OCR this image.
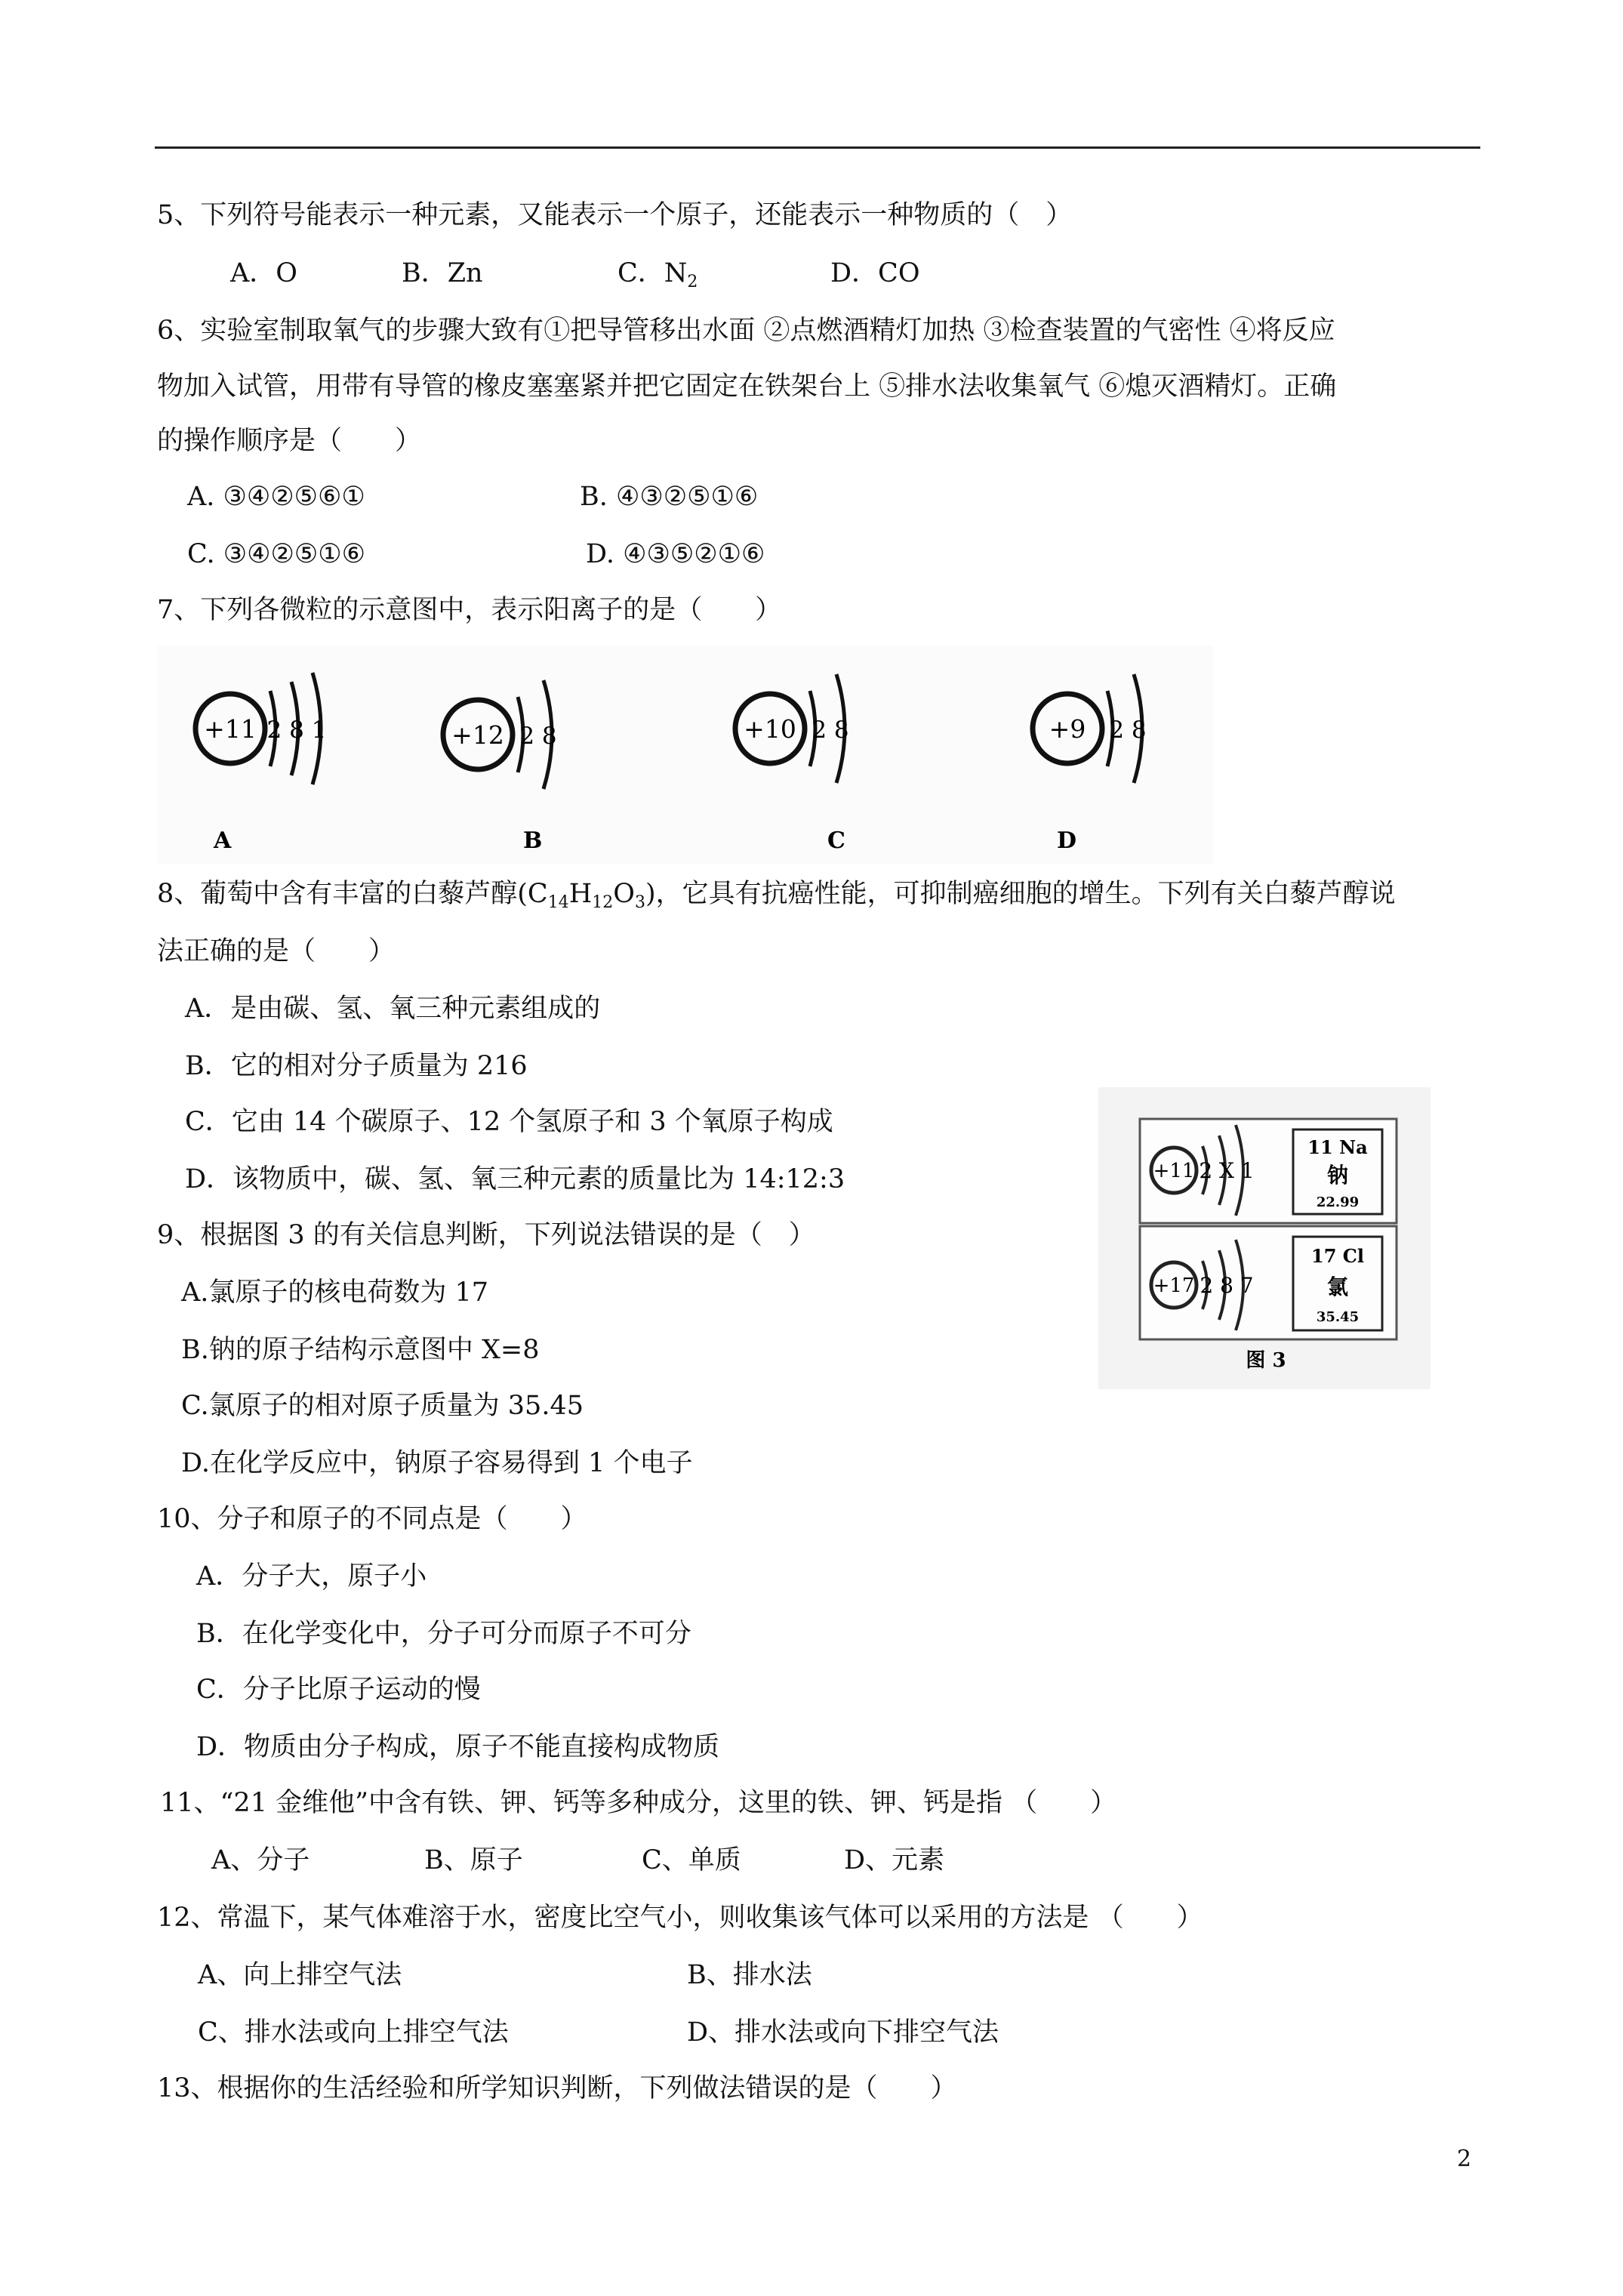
5、下列符号能表示一种元素，又能表示一个原子，还能表示一种物质的（　）
A．O	B．Zn	C．$N_2$	D．CO
6、实验室制取氧气的步骤大致有①把导管移出水面 ②点燃酒精灯加热 ③检查装置的气密性 ④将反应
物加入试管，用带有导管的橡皮塞塞紧并把它固定在铁架台上 ⑤排水法收集氧气 ⑥熄灭酒精灯。正确
的操作顺序是（　　）
A. ③④②⑤⑥①	B. ④③②⑤①⑥
C. ③④②⑤①⑥	D. ④③⑤②①⑥
7、下列各微粒的示意图中，表示阳离子的是（　　）
+11 2 8 1
A
+12 2 8
B
+10 2 8
C
+9 2 8
D
8、葡萄中含有丰富的白藜芦醇$(C_{14}H_{12}O_3)$，它具有抗癌性能，可抑制癌细胞的增生。下列有关白藜芦醇说
法正确的是（　　）
A．是由碳、氢、氧三种元素组成的
B．它的相对分子质量为 216
C．它由 14 个碳原子、12 个氢原子和 3 个氧原子构成
D．该物质中，碳、氢、氧三种元素的质量比为 14:12:3	+11 2 X 1
11 Na
钠
22.99
+17 2 8 7
17 Cl
氯
35.45
图 3
9、根据图 3 的有关信息判断，下列说法错误的是（　）
A.氯原子的核电荷数为 17
B.钠的原子结构示意图中 X=8
C.氯原子的相对原子质量为 35.45
D.在化学反应中，钠原子容易得到 1 个电子
10、分子和原子的不同点是（　　）
A．分子大，原子小
B．在化学变化中，分子可分而原子不可分
C．分子比原子运动的慢
D．物质由分子构成，原子不能直接构成物质
11、“21 金维他”中含有铁、钾、钙等多种成分，这里的铁、钾、钙是指 （　　）
A、分子	B、原子	C、单质	D、元素
12、常温下，某气体难溶于水，密度比空气小，则收集该气体可以采用的方法是 （　　）
A、向上排空气法	B、排水法
C、排水法或向上排空气法	D、排水法或向下排空气法
13、根据你的生活经验和所学知识判断，下列做法错误的是（　　）
2
